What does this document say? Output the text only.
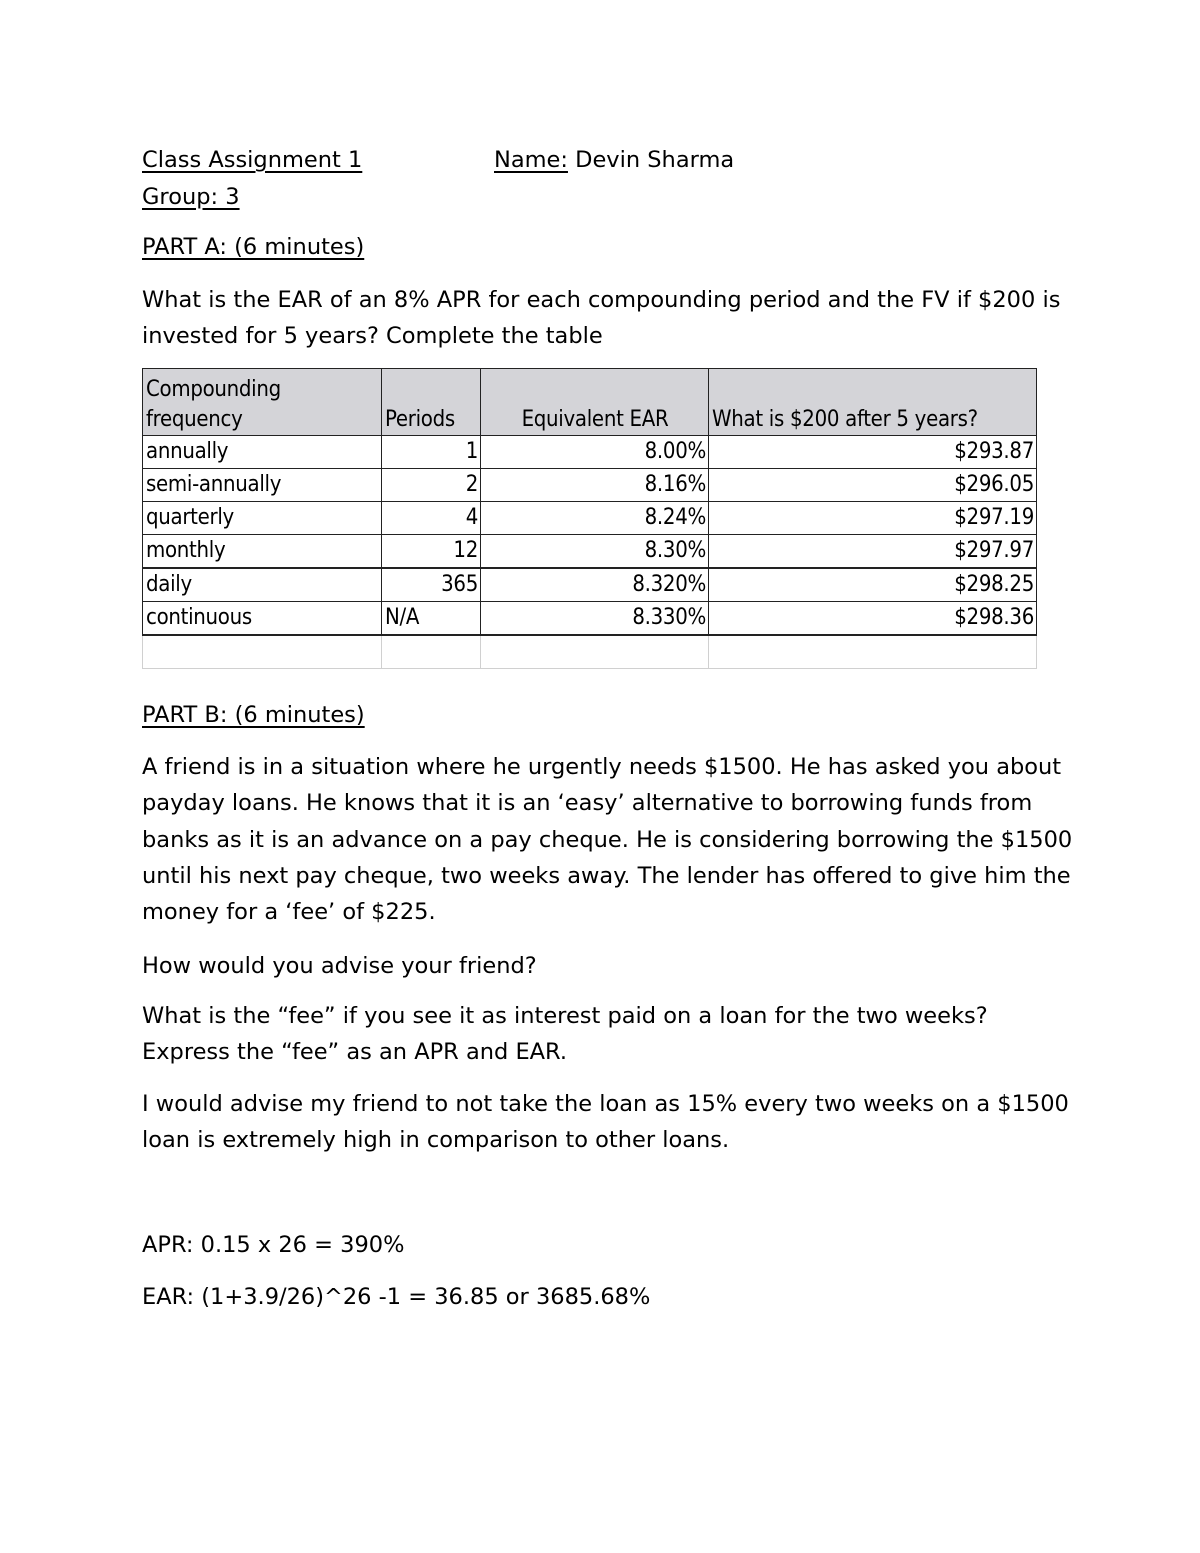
Class Assignment 1	Name: Devin Sharma
Group: 3
PART A: (6 minutes)

What is the EAR of an 8% APR for each compounding period and the FV if $200 is

invested for 5 years? Complete the table

Compounding
frequency	Periods	Equivalent EAR	What is $200 after 5 years?
annually	1	8.00%	$293.87
semi-annually	2	8.16%	$296.05
quarterly	4	8.24%	$297.19
monthly	12	8.30%	$297.97
daily	365	8.320%	$298.25
continuous	N/A	8.330%	$298.36

PART B: (6 minutes)

A friend is in a situation where he urgently needs $1500. He has asked you about

payday loans. He knows that it is an ‘easy’ alternative to borrowing funds from

banks as it is an advance on a pay cheque. He is considering borrowing the $1500

until his next pay cheque, two weeks away. The lender has offered to give him the

money for a ‘fee’ of $225.

How would you advise your friend?

What is the “fee” if you see it as interest paid on a loan for the two weeks?

Express the “fee” as an APR and EAR.

I would advise my friend to not take the loan as 15% every two weeks on a $1500

loan is extremely high in comparison to other loans.

APR: 0.15 x 26 = 390%

EAR: (1+3.9/26)^26 -1 = 36.85 or 3685.68%
